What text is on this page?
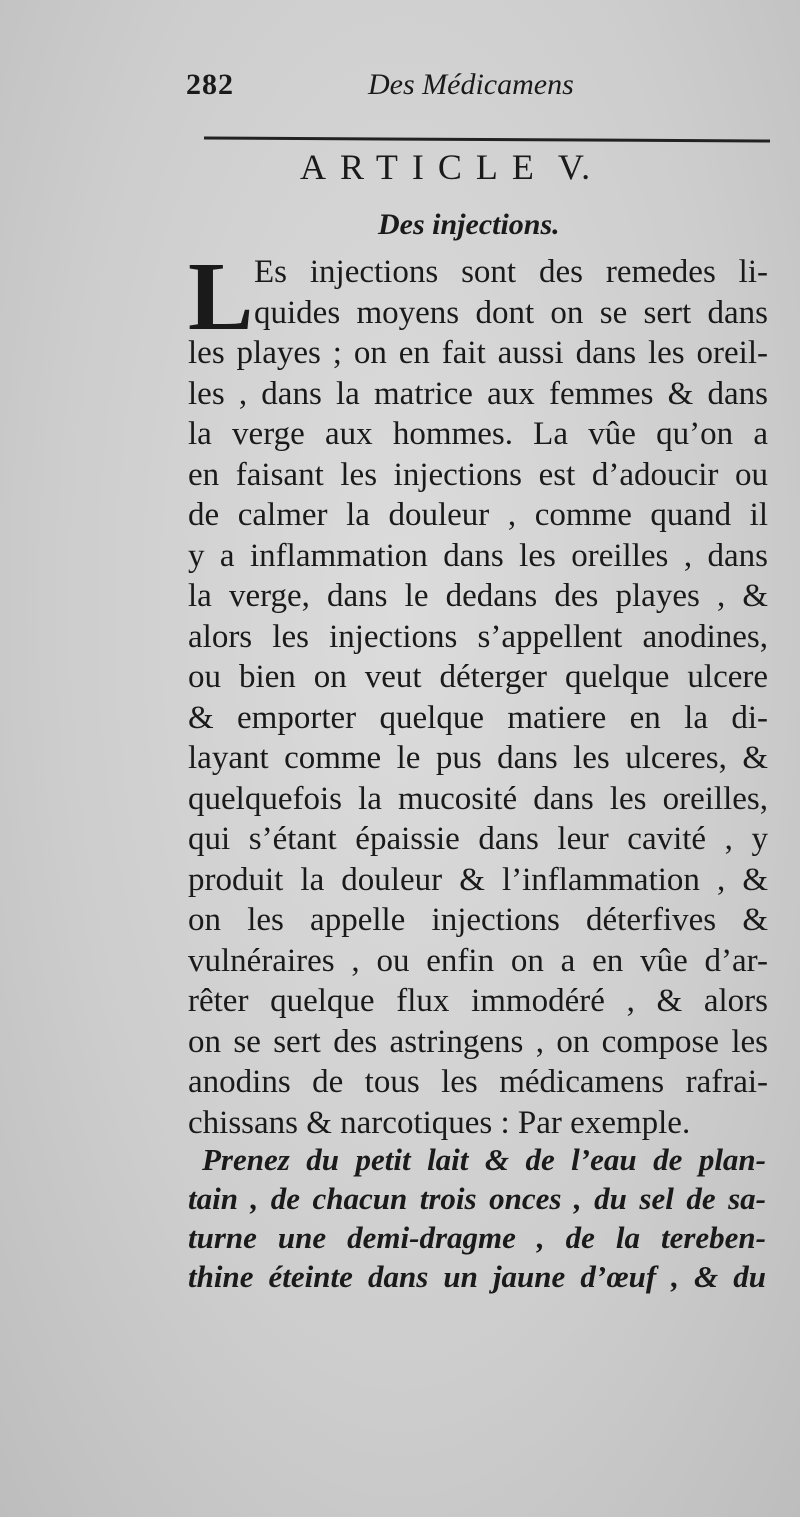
282	Des Médicamens
ARTICLE V.
Des injections.
L Es injections sont des remedes li-
quides moyens dont on se sert dans
les playes ; on en fait aussi dans les oreil-
les , dans la matrice aux femmes & dans
la verge aux hommes. La vûe qu’on a
en faisant les injections est d’adoucir ou
de calmer la douleur , comme quand il
y a inflammation dans les oreilles , dans
la verge, dans le dedans des playes , &
alors les injections s’appellent anodines,
ou bien on veut déterger quelque ulcere
& emporter quelque matiere en la di-
layant comme le pus dans les ulceres, &
quelquefois la mucosité dans les oreilles,
qui s’étant épaissie dans leur cavité , y
produit la douleur & l’inflammation , &
on les appelle injections déterfives &
vulnéraires , ou enfin on a en vûe d’ar-
rêter quelque flux immodéré , & alors
on se sert des astringens , on compose les
anodins de tous les médicamens rafrai-
chissans & narcotiques : Par exemple.
Prenez du petit lait & de l’eau de plan-
tain , de chacun trois onces , du sel de sa-
turne une demi-dragme , de la tereben-
thine éteinte dans un jaune d’œuf , & du
